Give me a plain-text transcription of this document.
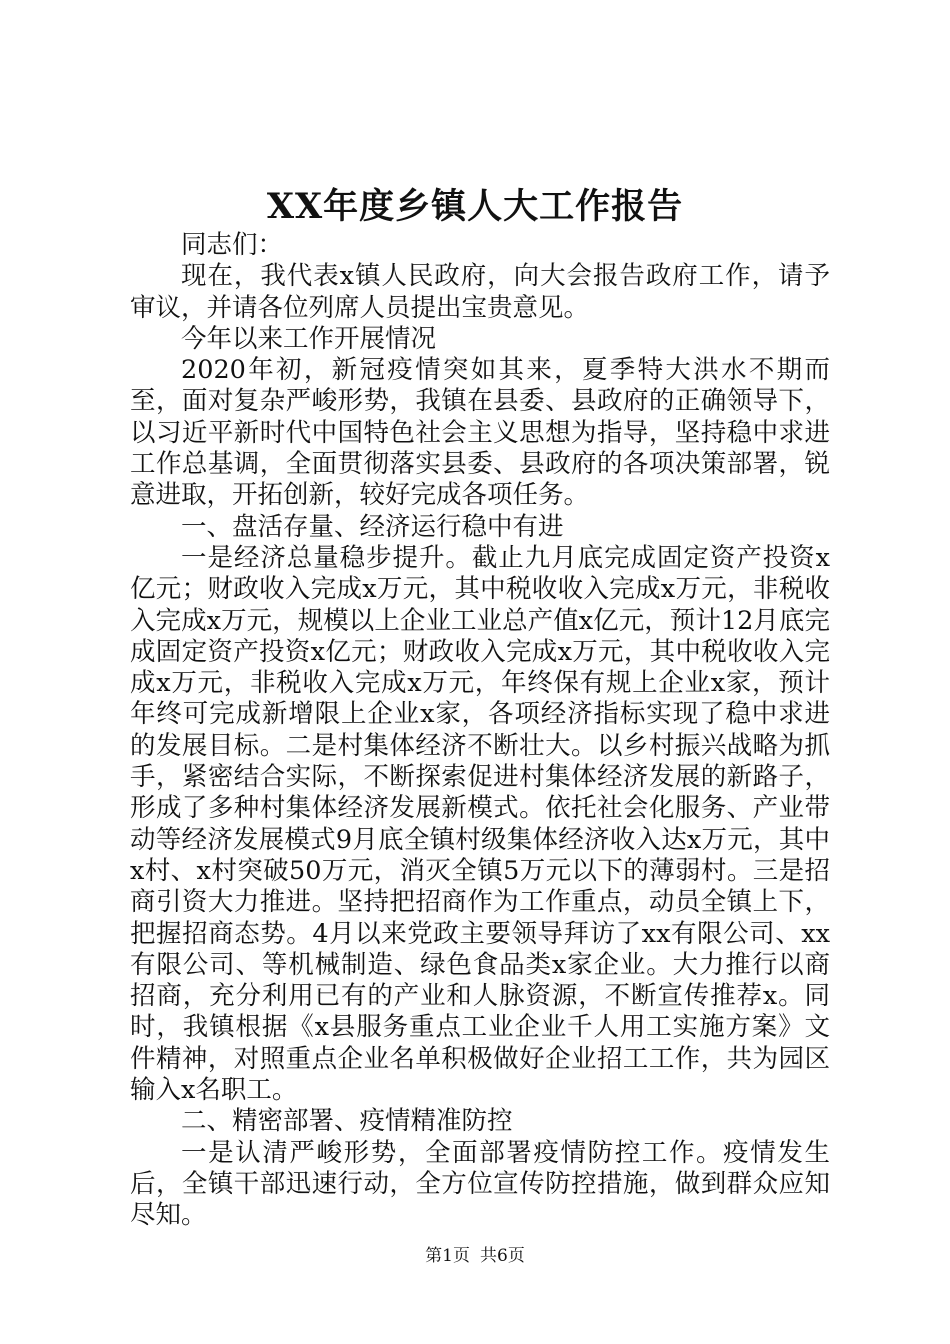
XX年度乡镇人大工作报告

同志们：

现在，我代表x镇人民政府，向大会报告政府工作，请予审议，并请各位列席人员提出宝贵意见。

今年以来工作开展情况

2020年初，新冠疫情突如其来，夏季特大洪水不期而至，面对复杂严峻形势，我镇在县委、县政府的正确领导下，以习近平新时代中国特色社会主义思想为指导，坚持稳中求进工作总基调，全面贯彻落实县委、县政府的各项决策部署，锐意进取，开拓创新，较好完成各项任务。

一、盘活存量、经济运行稳中有进

一是经济总量稳步提升。截止九月底完成固定资产投资x亿元；财政收入完成x万元，其中税收收入完成x万元，非税收入完成x万元，规模以上企业工业总产值x亿元，预计12月底完成固定资产投资x亿元；财政收入完成x万元，其中税收收入完成x万元，非税收入完成x万元，年终保有规上企业x家，预计年终可完成新增限上企业x家，各项经济指标实现了稳中求进的发展目标。二是村集体经济不断壮大。以乡村振兴战略为抓手，紧密结合实际，不断探索促进村集体经济发展的新路子，形成了多种村集体经济发展新模式。依托社会化服务、产业带动等经济发展模式9月底全镇村级集体经济收入达x万元，其中x村、x村突破50万元，消灭全镇5万元以下的薄弱村。三是招商引资大力推进。坚持把招商作为工作重点，动员全镇上下，把握招商态势。4月以来党政主要领导拜访了xx有限公司、xx有限公司、等机械制造、绿色食品类x家企业。大力推行以商招商，充分利用已有的产业和人脉资源，不断宣传推荐x。同时，我镇根据《x县服务重点工业企业千人用工实施方案》文件精神，对照重点企业名单积极做好企业招工工作，共为园区输入x名职工。

二、精密部署、疫情精准防控

一是认清严峻形势，全面部署疫情防控工作。疫情发生后，全镇干部迅速行动，全方位宣传防控措施，做到群众应知尽知。

第1页 共6页
